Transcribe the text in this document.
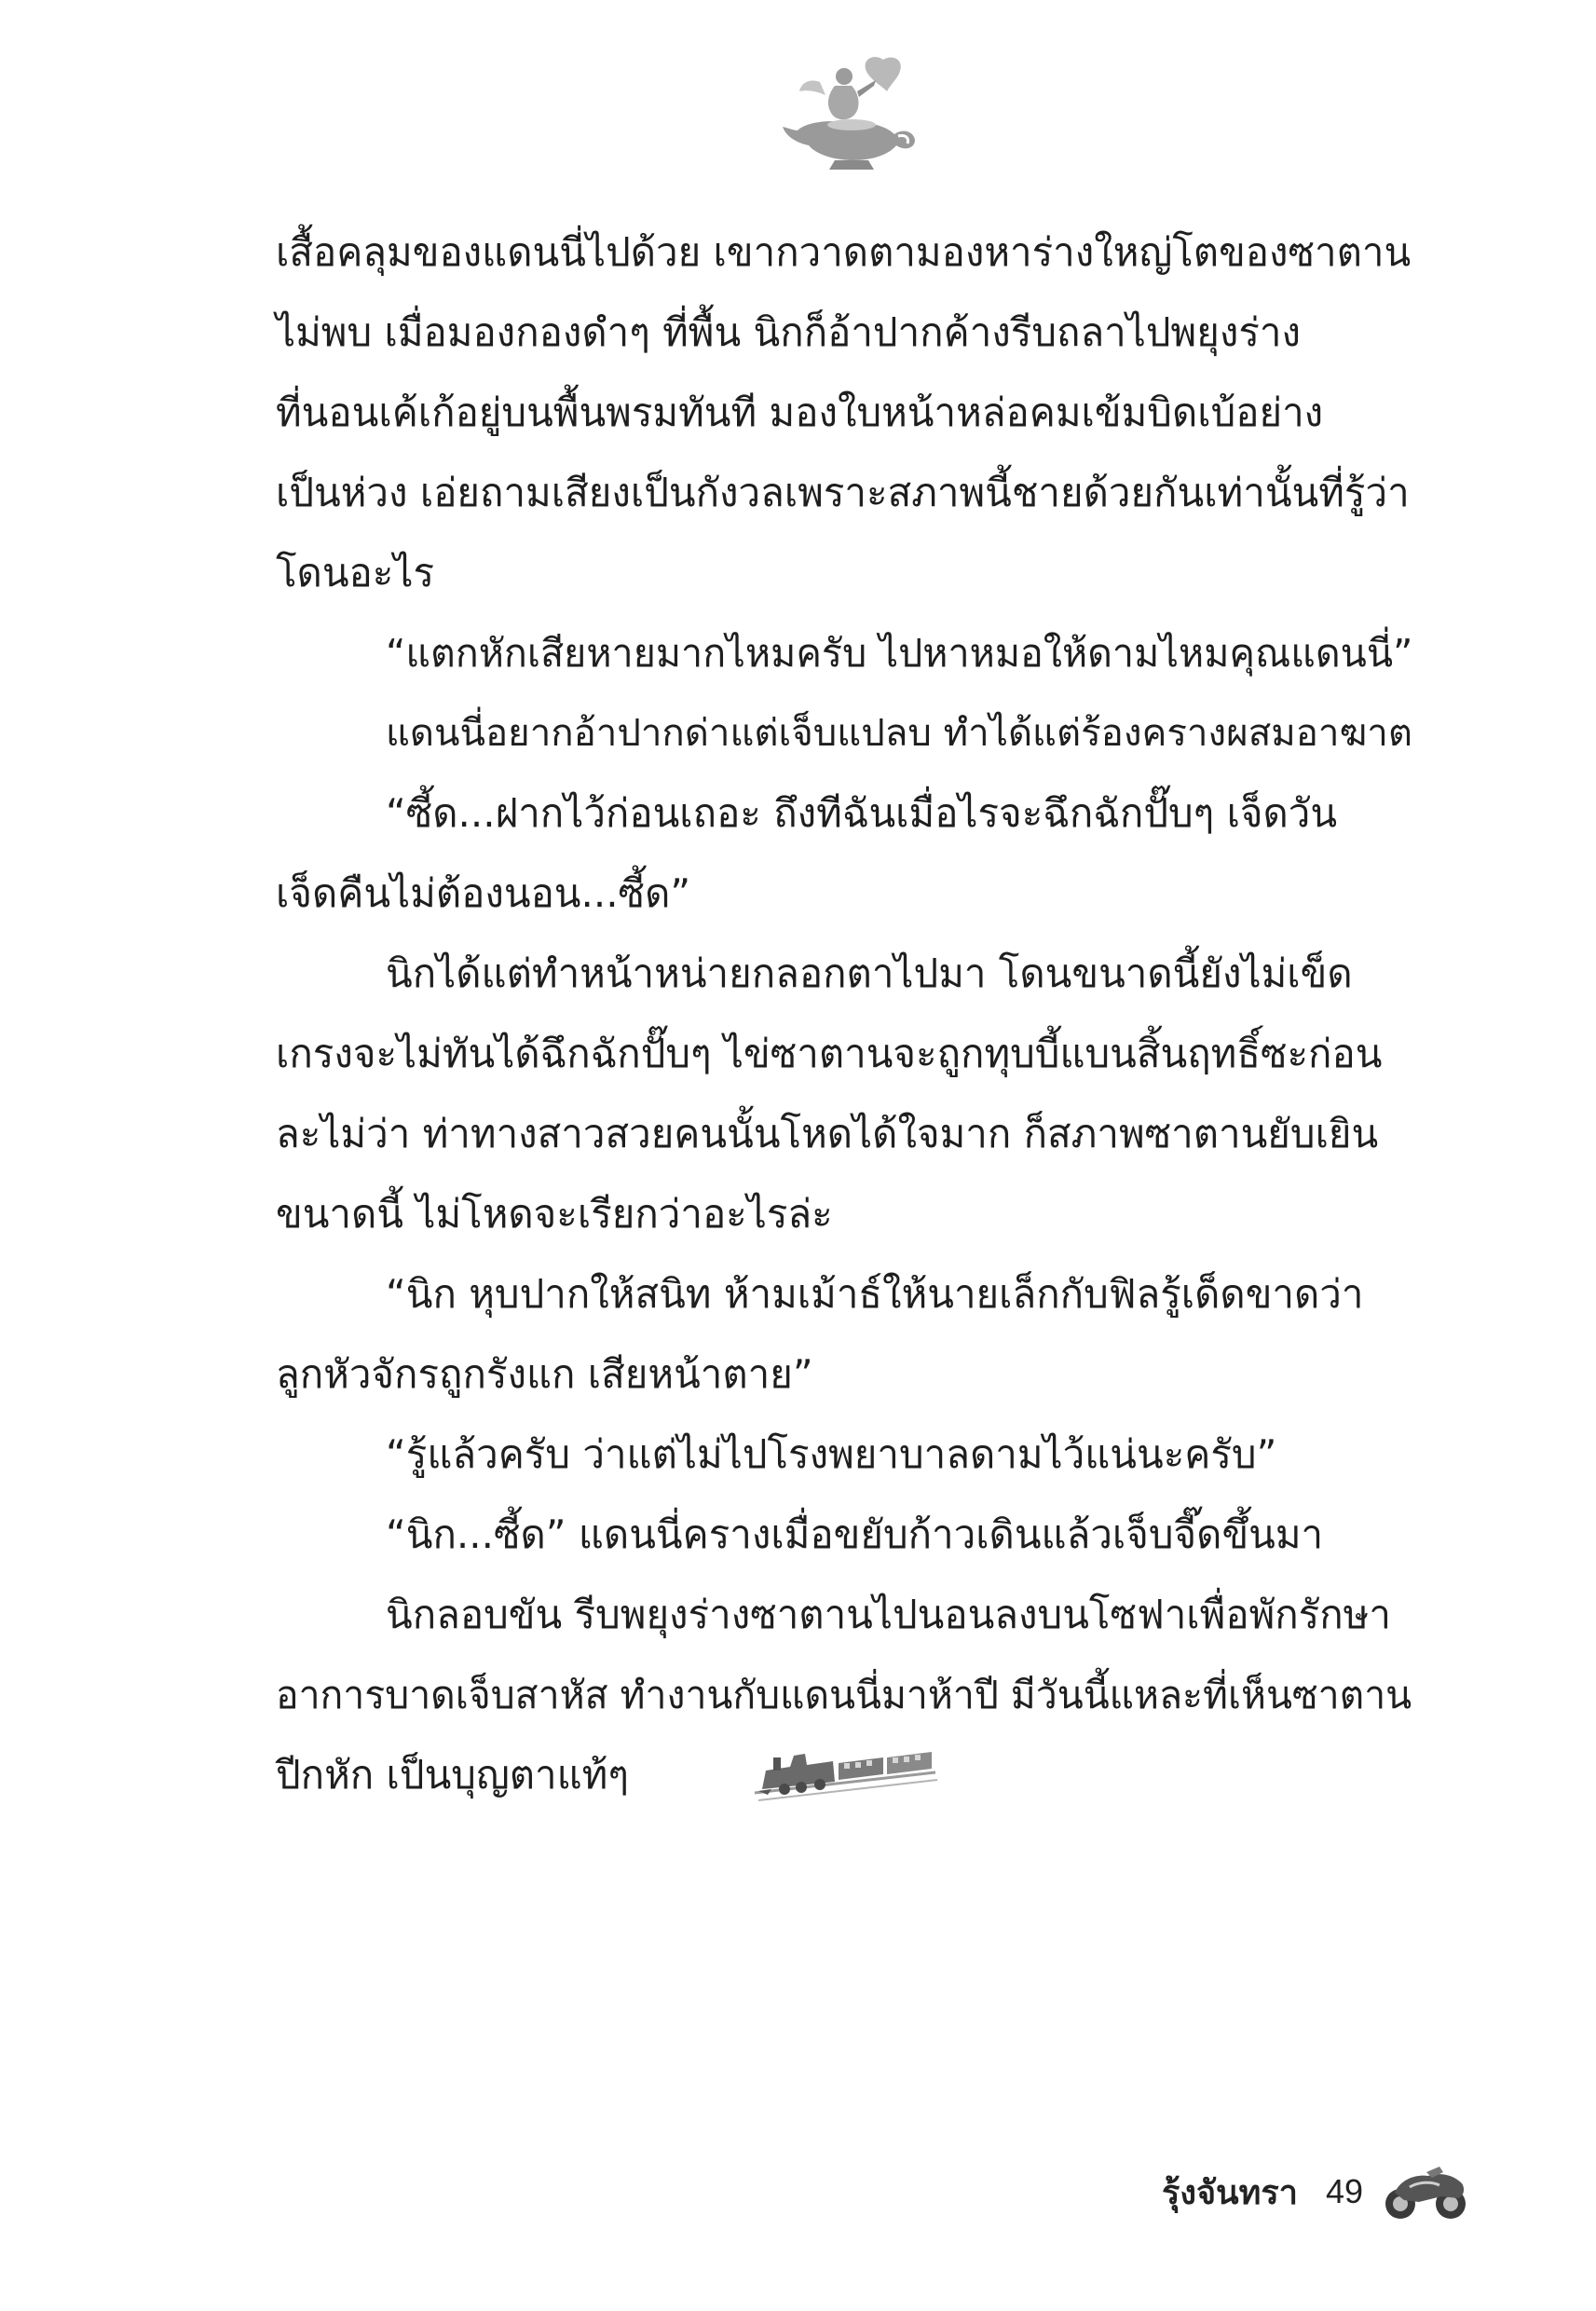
เสื้อคลุมของแดนนี่ไปด้วย เขากวาดตามองหาร่างใหญ่โตของซาตาน
ไม่พบ เมื่อมองกองดำๆ ที่พื้น นิกก็อ้าปากค้างรีบถลาไปพยุงร่าง
ที่นอนเค้เก้อยู่บนพื้นพรมทันที มองใบหน้าหล่อคมเข้มบิดเบ้อย่าง
เป็นห่วง เอ่ยถามเสียงเป็นกังวลเพราะสภาพนี้ชายด้วยกันเท่านั้นที่รู้ว่า
โดนอะไร
“แตกหักเสียหายมากไหมครับ ไปหาหมอให้ดามไหมคุณแดนนี่”
แดนนี่อยากอ้าปากด่าแต่เจ็บแปลบ ทำได้แต่ร้องครางผสมอาฆาต
“ซี้ด...ฝากไว้ก่อนเถอะ ถึงทีฉันเมื่อไรจะฉึกฉักปั๊บๆ เจ็ดวัน
เจ็ดคืนไม่ต้องนอน...ซี้ด”
นิกได้แต่ทำหน้าหน่ายกลอกตาไปมา โดนขนาดนี้ยังไม่เข็ด
เกรงจะไม่ทันได้ฉึกฉักปั๊บๆ ไข่ซาตานจะถูกทุบบี้แบนสิ้นฤทธิ์ซะก่อน
ละไม่ว่า ท่าทางสาวสวยคนนั้นโหดได้ใจมาก ก็สภาพซาตานยับเยิน
ขนาดนี้ ไม่โหดจะเรียกว่าอะไรล่ะ
“นิก หุบปากให้สนิท ห้ามเม้าธ์ให้นายเล็กกับฟิลรู้เด็ดขาดว่า
ลูกหัวจักรถูกรังแก เสียหน้าตาย”
“รู้แล้วครับ ว่าแต่ไม่ไปโรงพยาบาลดามไว้แน่นะครับ”
“นิก...ซี้ด” แดนนี่ครางเมื่อขยับก้าวเดินแล้วเจ็บจี๊ดขึ้นมา
นิกลอบขัน รีบพยุงร่างซาตานไปนอนลงบนโซฟาเพื่อพักรักษา
อาการบาดเจ็บสาหัส ทำงานกับแดนนี่มาห้าปี มีวันนี้แหละที่เห็นซาตาน
ปีกหัก เป็นบุญตาแท้ๆ
รุ้งจันทรา 49
